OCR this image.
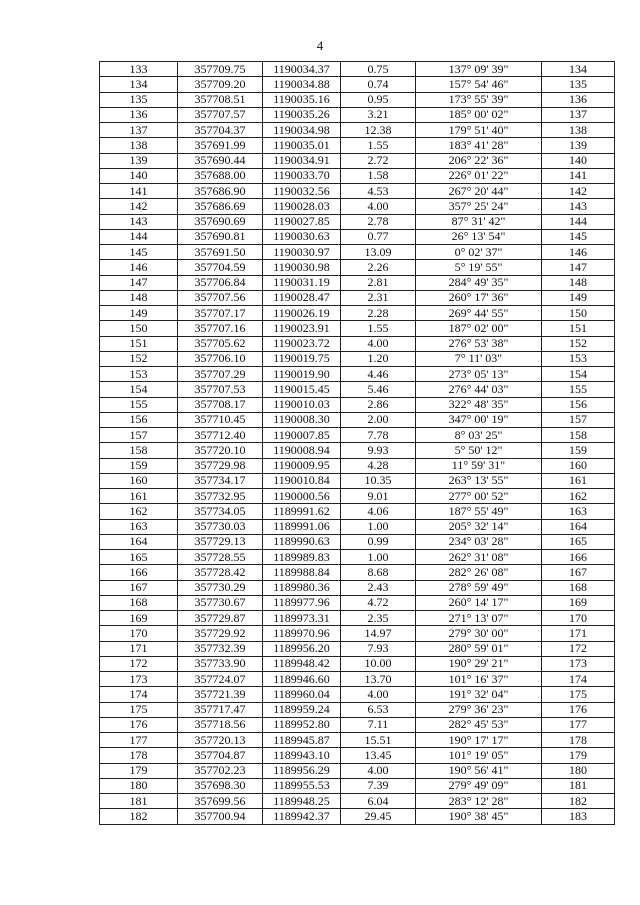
4
133	357709.75	1190034.37	0.75	137° 09' 39"	134
134	357709.20	1190034.88	0.74	157° 54' 46"	135
135	357708.51	1190035.16	0.95	173° 55' 39"	136
136	357707.57	1190035.26	3.21	185° 00' 02"	137
137	357704.37	1190034.98	12.38	179° 51' 40"	138
138	357691.99	1190035.01	1.55	183° 41' 28"	139
139	357690.44	1190034.91	2.72	206° 22' 36"	140
140	357688.00	1190033.70	1.58	226° 01' 22"	141
141	357686.90	1190032.56	4.53	267° 20' 44"	142
142	357686.69	1190028.03	4.00	357° 25' 24"	143
143	357690.69	1190027.85	2.78	87° 31' 42"	144
144	357690.81	1190030.63	0.77	26° 13' 54"	145
145	357691.50	1190030.97	13.09	0° 02' 37"	146
146	357704.59	1190030.98	2.26	5° 19' 55"	147
147	357706.84	1190031.19	2.81	284° 49' 35"	148
148	357707.56	1190028.47	2.31	260° 17' 36"	149
149	357707.17	1190026.19	2.28	269° 44' 55"	150
150	357707.16	1190023.91	1.55	187° 02' 00"	151
151	357705.62	1190023.72	4.00	276° 53' 38"	152
152	357706.10	1190019.75	1.20	7° 11' 03"	153
153	357707.29	1190019.90	4.46	273° 05' 13"	154
154	357707.53	1190015.45	5.46	276° 44' 03"	155
155	357708.17	1190010.03	2.86	322° 48' 35"	156
156	357710.45	1190008.30	2.00	347° 00' 19"	157
157	357712.40	1190007.85	7.78	8° 03' 25"	158
158	357720.10	1190008.94	9.93	5° 50' 12"	159
159	357729.98	1190009.95	4.28	11° 59' 31"	160
160	357734.17	1190010.84	10.35	263° 13' 55"	161
161	357732.95	1190000.56	9.01	277° 00' 52"	162
162	357734.05	1189991.62	4.06	187° 55' 49"	163
163	357730.03	1189991.06	1.00	205° 32' 14"	164
164	357729.13	1189990.63	0.99	234° 03' 28"	165
165	357728.55	1189989.83	1.00	262° 31' 08"	166
166	357728.42	1189988.84	8.68	282° 26' 08"	167
167	357730.29	1189980.36	2.43	278° 59' 49"	168
168	357730.67	1189977.96	4.72	260° 14' 17"	169
169	357729.87	1189973.31	2.35	271° 13' 07"	170
170	357729.92	1189970.96	14.97	279° 30' 00"	171
171	357732.39	1189956.20	7.93	280° 59' 01"	172
172	357733.90	1189948.42	10.00	190° 29' 21"	173
173	357724.07	1189946.60	13.70	101° 16' 37"	174
174	357721.39	1189960.04	4.00	191° 32' 04"	175
175	357717.47	1189959.24	6.53	279° 36' 23"	176
176	357718.56	1189952.80	7.11	282° 45' 53"	177
177	357720.13	1189945.87	15.51	190° 17' 17"	178
178	357704.87	1189943.10	13.45	101° 19' 05"	179
179	357702.23	1189956.29	4.00	190° 56' 41"	180
180	357698.30	1189955.53	7.39	279° 49' 09"	181
181	357699.56	1189948.25	6.04	283° 12' 28"	182
182	357700.94	1189942.37	29.45	190° 38' 45"	183
